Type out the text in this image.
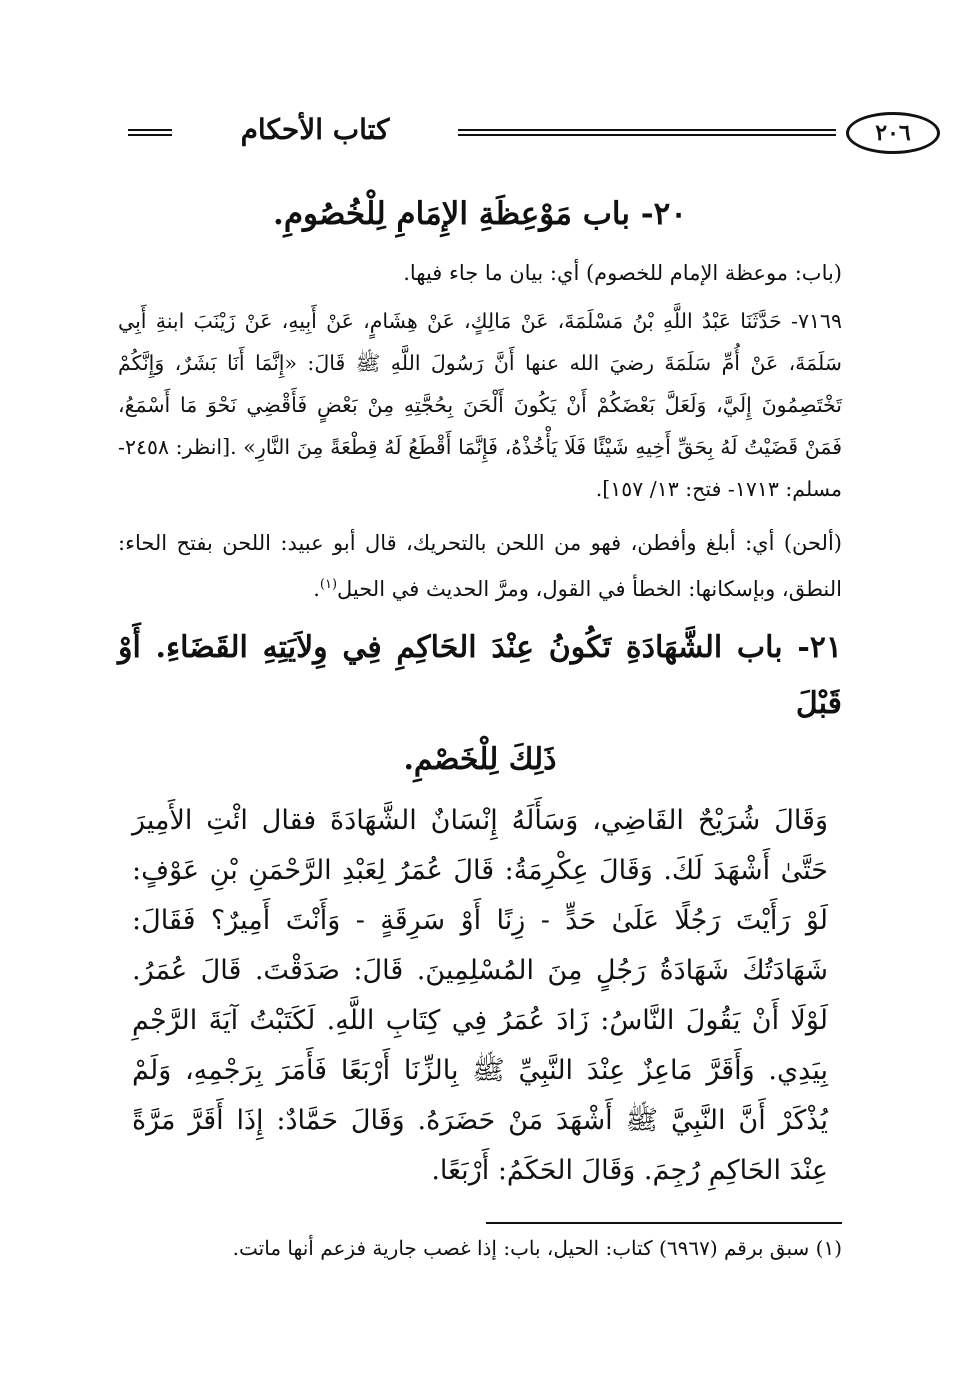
كتاب الأحكام	٢٠٦
٢٠- باب مَوْعِظَةِ الإِمَامِ لِلْخُصُومِ.

(باب: موعظة الإمام للخصوم) أي: بيان ما جاء فيها.

٧١٦٩- حَدَّثَنَا عَبْدُ اللَّهِ بْنُ مَسْلَمَةَ، عَنْ مَالِكٍ، عَنْ هِشَامٍ، عَنْ أَبِيهِ، عَنْ زَيْنَبَ ابنةِ أَبِي سَلَمَةَ، عَنْ أُمِّ سَلَمَةَ رضيَ الله عنها أَنَّ رَسُولَ اللَّهِ ﷺ قَالَ: «إِنَّمَا أَنَا بَشَرٌ، وَإِنَّكُمْ تَخْتَصِمُونَ إِلَيَّ، وَلَعَلَّ بَعْضَكُمْ أَنْ يَكُونَ أَلْحَنَ بِحُجَّتِهِ مِنْ بَعْضٍ فَأَقْضِي نَحْوَ مَا أَسْمَعُ، فَمَنْ قَضَيْتُ لَهُ بِحَقِّ أَخِيهِ شَيْئًا فَلَا يَأْخُذْهُ، فَإِنَّمَا أَقْطَعُ لَهُ قِطْعَةً مِنَ النَّارِ» .[انظر: ٢٤٥٨- مسلم: ١٧١٣- فتح: ١٣/ ١٥٧].

(ألحن) أي: أبلغ وأفطن، فهو من اللحن بالتحريك، قال أبو عبيد: اللحن بفتح الحاء: النطق، وبإسكانها: الخطأ في القول، ومرَّ الحديث في الحيل$^{(١)}$.

٢١- باب الشَّهَادَةِ تَكُونُ عِنْدَ الحَاكِمِ فِي وِلاَيَتِهِ القَضَاءِ. أَوْ قَبْلَ
ذَلِكَ لِلْخَصْمِ.

وَقَالَ شُرَيْحٌ القَاضِي، وَسَأَلَهُ إِنْسَانٌ الشَّهَادَةَ فقال ائْتِ الأَمِيرَ حَتَّىٰ أَشْهَدَ لَكَ. وَقَالَ عِكْرِمَةُ: قَالَ عُمَرُ لِعَبْدِ الرَّحْمَنِ بْنِ عَوْفٍ: لَوْ رَأَيْتَ رَجُلًا عَلَىٰ حَدٍّ - زِنًا أَوْ سَرِقَةٍ - وَأَنْتَ أَمِيرٌ؟ فَقَالَ: شَهَادَتُكَ شَهَادَةُ رَجُلٍ مِنَ المُسْلِمِينَ. قَالَ: صَدَقْتَ. قَالَ عُمَرُ. لَوْلَا أَنْ يَقُولَ النَّاسُ: زَادَ عُمَرُ فِي كِتَابِ اللَّهِ. لَكَتَبْتُ آيَةَ الرَّجْمِ بِيَدِي. وَأَقَرَّ مَاعِزٌ عِنْدَ النَّبِيِّ ﷺ بِالزِّنَا أَرْبَعًا فَأَمَرَ بِرَجْمِهِ، وَلَمْ يُذْكَرْ أَنَّ النَّبِيَّ ﷺ أَشْهَدَ مَنْ حَضَرَهُ. وَقَالَ حَمَّادٌ: إِذَا أَقَرَّ مَرَّةً عِنْدَ الحَاكِمِ رُجِمَ. وَقَالَ الحَكَمُ: أَرْبَعًا.

(١) سبق برقم (٦٩٦٧) كتاب: الحيل، باب: إذا غصب جارية فزعم أنها ماتت.
